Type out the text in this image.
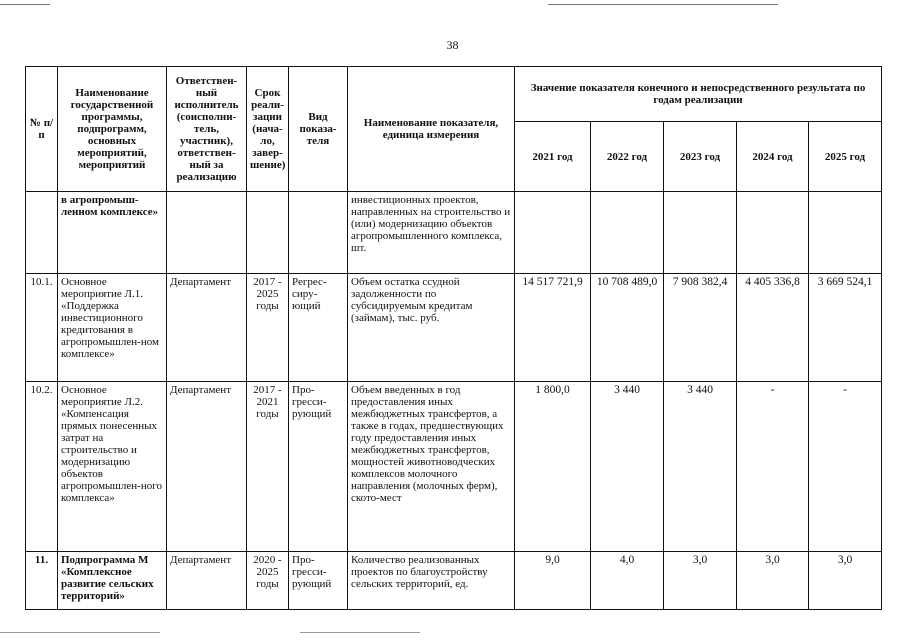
38
№ п/п	Наименование государственной программы, подпрограмм, основных мероприятий, мероприятий	Ответствен-ный исполнитель (соисполни-тель, участник), ответствен-ный за реализацию	Срок реали-зации (нача-ло, завер-шение)	Вид показа-теля	Наименование показателя, единица измерения	Значение показателя конечного и непосредственного результата по годам реализации				
						2021 год	2022 год	2023 год	2024 год	2025 год
	в агропромыш-ленном комплексе»				инвестиционных проектов, направленных на строительство и (или) модернизацию объектов агропромышленного комплекса, шт.					
10.1.	Основное мероприятие Л.1. «Поддержка инвестиционного кредитования в агропромышлен-ном комплексе»	Департамент	2017 - 2025 годы	Регрес-сиру-ющий	Объем остатка ссудной задолженности по субсидируемым кредитам (займам), тыс. руб.	14 517 721,9	10 708 489,0	7 908 382,4	4 405 336,8	3 669 524,1
10.2.	Основное мероприятие Л.2. «Компенсация прямых понесенных затрат на строительство и модернизацию объектов агропромышлен-ного комплекса»	Департамент	2017 - 2021 годы	Про-гресси-рующий	Объем введенных в год предоставления иных межбюджетных трансфертов, а также в годах, предшествующих году предоставления иных межбюджетных трансфертов, мощностей животноводческих комплексов молочного направления (молочных ферм), ското-мест	1 800,0	3 440	3 440	-	-
11.	Подпрограмма М «Комплексное развитие сельских территорий»	Департамент	2020 - 2025 годы	Про-гресси-рующий	Количество реализованных проектов по благоустройству сельских территорий, ед.	9,0	4,0	3,0	3,0	3,0
